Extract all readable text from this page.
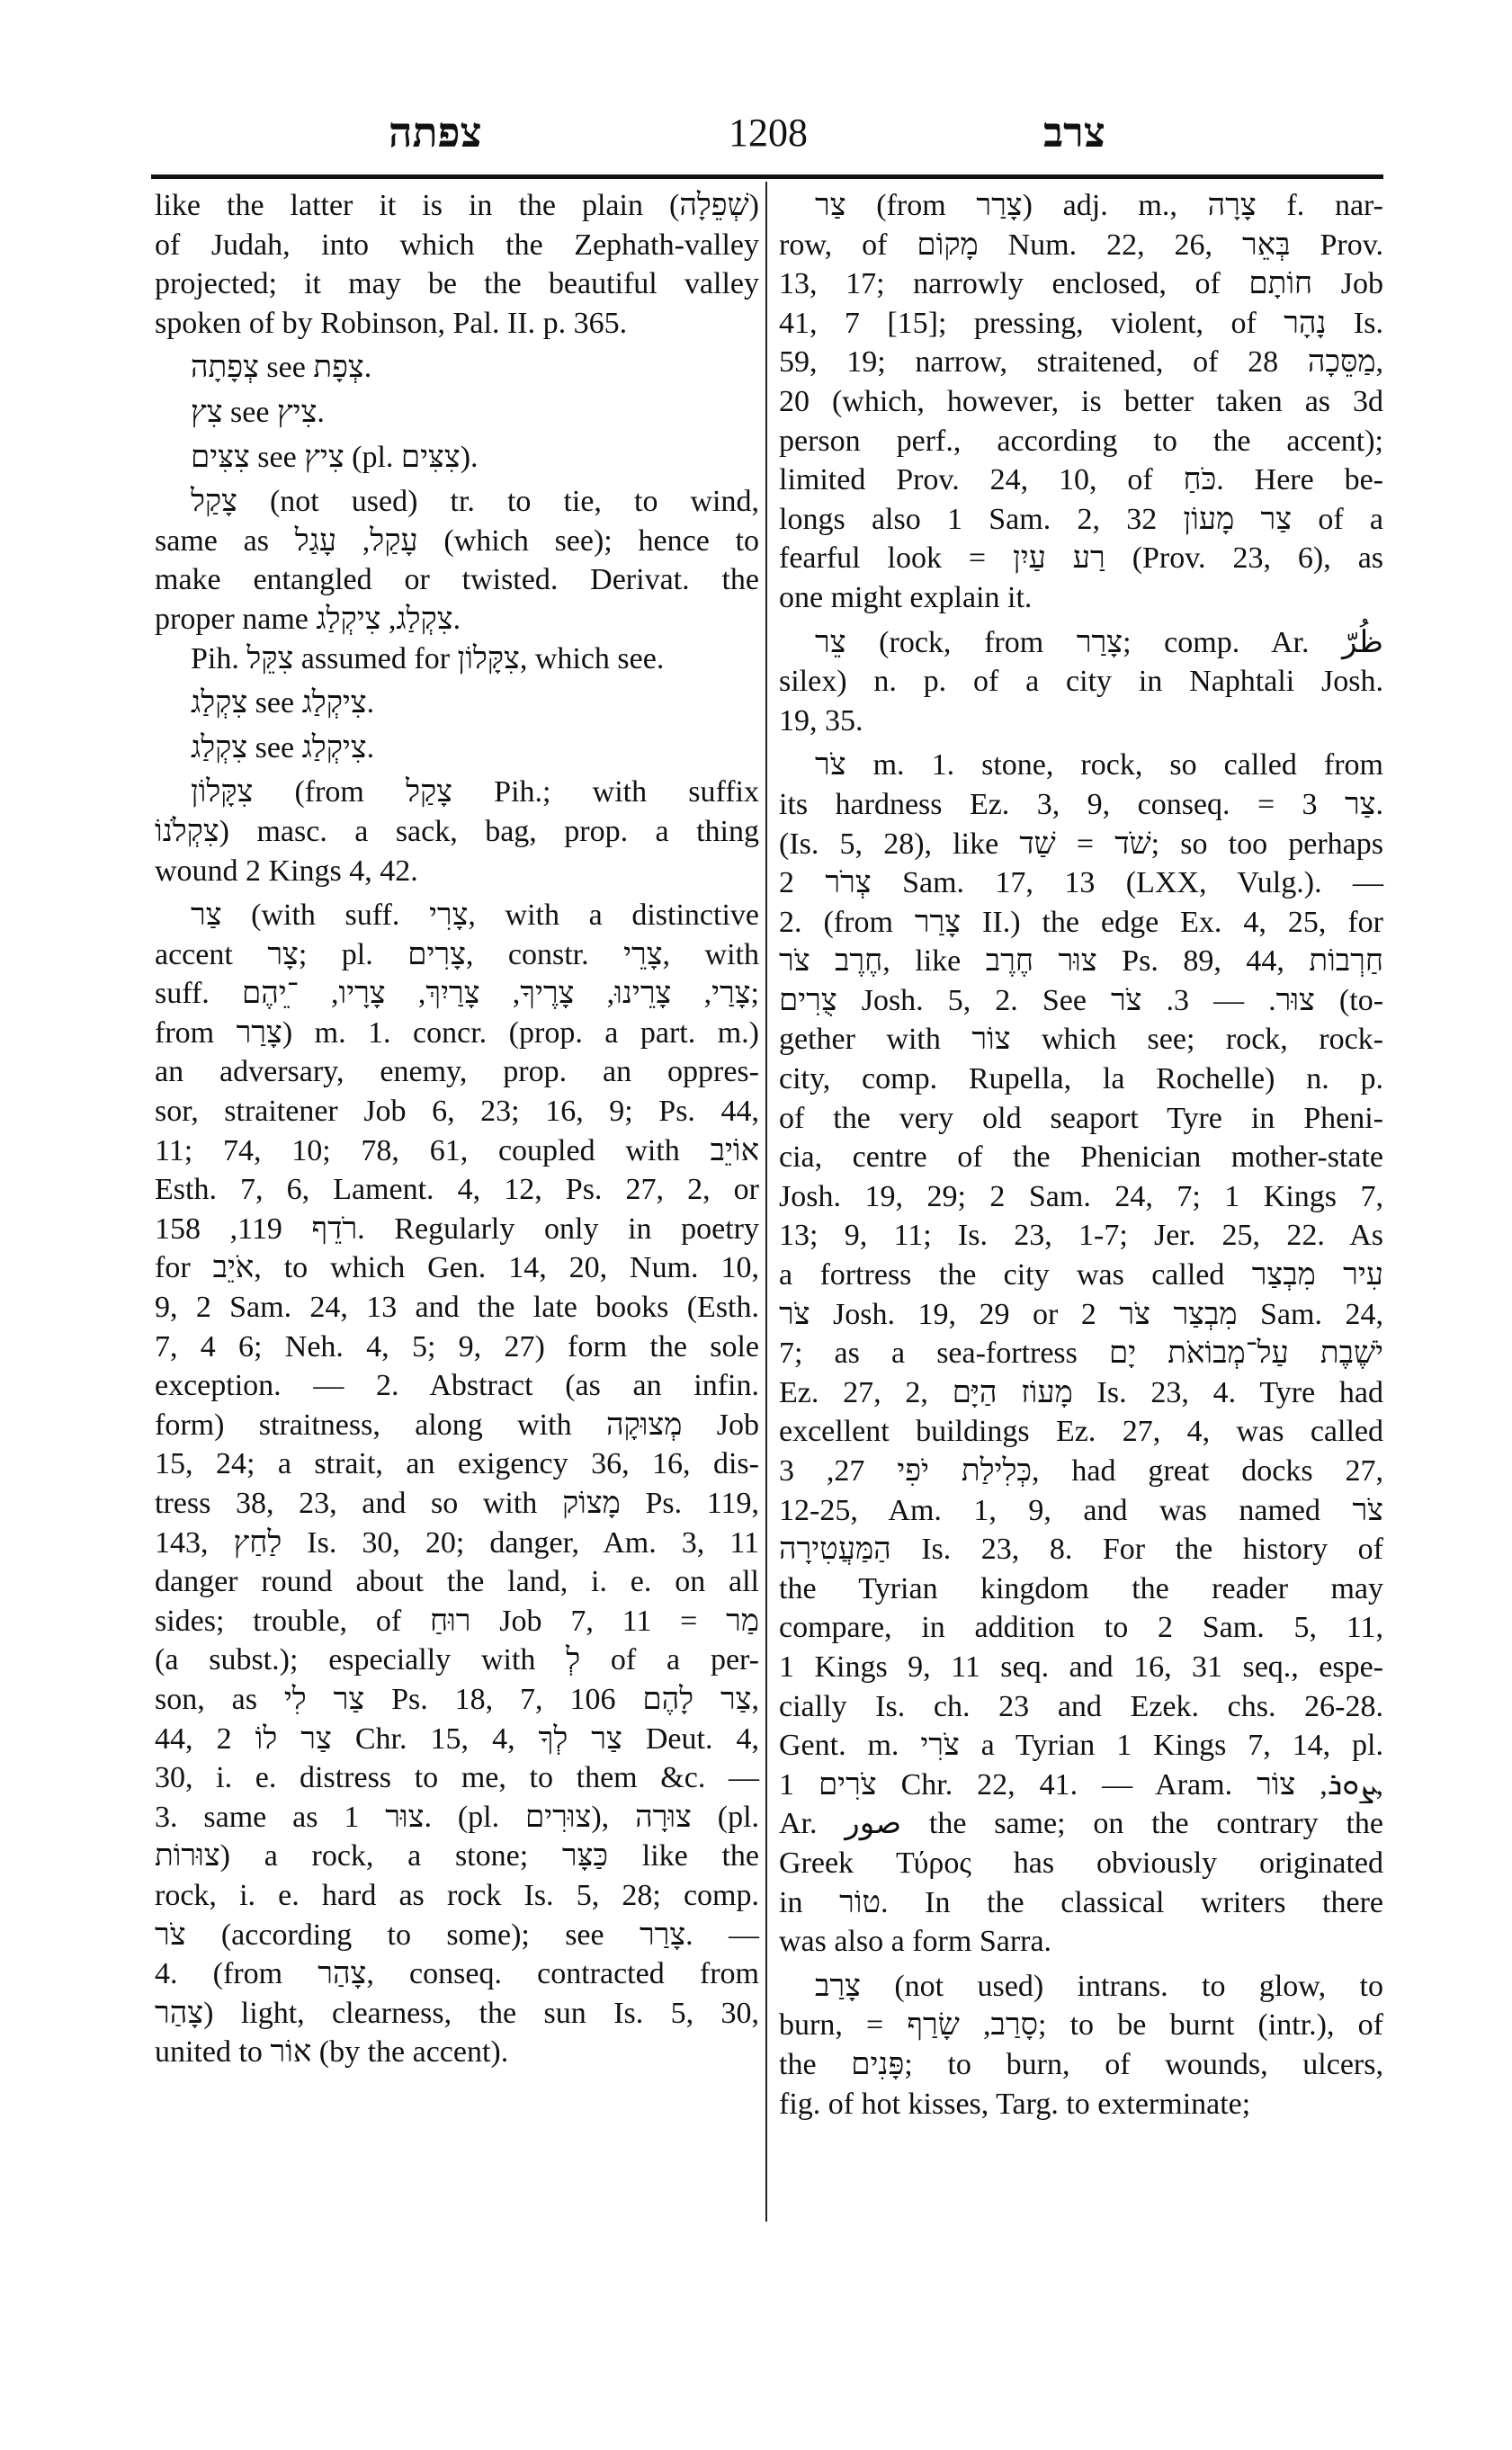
צפתה	1208	צרב
like the latter it is in the plain (שְׁפֵלָה)
of Judah, into which the Zephath-valley
projected; it may be the beautiful valley
spoken of by Robinson, Pal. II. p. 365.
צְפָתָה see צְפָת.
צִץ see צִיץ.
צִצִּים see צִיץ (pl. צִצִּים).
צָקַל (not used) tr. to tie, to wind,
same as עָקַל, עָגַל (which see); hence to
make entangled or twisted. Derivat. the
proper name צִקְלַג, צִיקְלַג.
Pih. צִקֵּל assumed for צִקָּלוֹן, which see.
צִקְלַג see צִיקְלַג.
צִקְלַג see צִיקְלַג.
צִקָּלוֹן (from צָקַל Pih.; with suffix
צִקְלֹנוֹ) masc. a sack, bag, prop. a thing
wound 2 Kings 4, 42.
צַר (with suff. צָרִי, with a distinctive
accent צָר; pl. צָרִים, constr. צָרֵי, with
suff. צָרַי, צָרֵינוּ, צָרֶיךָ, צָרַיִךְ, צָרָיו, ־ֵיהֶם;
from צָרַר) m. 1. concr. (prop. a part. m.)
an adversary, enemy, prop. an oppres-
sor, straitener Job 6, 23; 16, 9; Ps. 44,
11; 74, 10; 78, 61, coupled with אוֹיֵב
Esth. 7, 6, Lament. 4, 12, Ps. 27, 2, or
רֹדֵף 119, 158. Regularly only in poetry
for אֹיֵב, to which Gen. 14, 20, Num. 10,
9, 2 Sam. 24, 13 and the late books (Esth.
7, 4 6; Neh. 4, 5; 9, 27) form the sole
exception. — 2. Abstract (as an infin.
form) straitness, along with מְצוּקָה Job
15, 24; a strait, an exigency 36, 16, dis-
tress 38, 23, and so with מָצוֹק Ps. 119,
143, לַחַץ Is. 30, 20; danger, Am. 3, 11
danger round about the land, i. e. on all
sides; trouble, of רוּחַ Job 7, 11 = מַר
(a subst.); especially with לְ of a per-
son, as צַר לִי Ps. 18, 7, צַר לָהֶם 106,
44, צַר לוֹ 2 Chr. 15, 4, צַר לְךָ Deut. 4,
30, i. e. distress to me, to them &c. —
3. same as צוּר 1. (pl. צוּרִים), צוּרָה (pl.
צוּרוֹת) a rock, a stone; כַּצָּר like the
rock, i. e. hard as rock Is. 5, 28; comp.
צֹר (according to some); see צָרַר. —
4. (from צָהַר, conseq. contracted from
צָהַר) light, clearness, the sun Is. 5, 30,
united to אוֹר (by the accent).
צַר (from צָרַר) adj. m., צָרָה f. nar-
row, of מָקוֹם Num. 22, 26, בְּאֵר Prov.
13, 17; narrowly enclosed, of חוֹתָם Job
41, 7 [15]; pressing, violent, of נָהָר Is.
59, 19; narrow, straitened, of מַסֵּכָה 28,
20 (which, however, is better taken as 3d
person perf., according to the accent);
limited Prov. 24, 10, of כֹּחַ. Here be-
longs also 1 Sam. 2, 32 צַר מָעוֹן of a
fearful look = רַע עַיִן (Prov. 23, 6), as
one might explain it.
צֵר (rock, from צָרַר; comp. Ar. ظُرّ
silex) n. p. of a city in Naphtali Josh.
19, 35.
צֹר m. 1. stone, rock, so called from
its hardness Ez. 3, 9, conseq. = צַר 3.
(Is. 5, 28), like שֹׁד = שַׁד; so too perhaps
צְרֹר 2 Sam. 17, 13 (LXX, Vulg.). —
2. (from צָרַר II.) the edge Ex. 4, 25, for
חֶרֶב צֹר, like צוּר חֶרֶב Ps. 89, 44, חַרְבוֹת
צֻרִים Josh. 5, 2. See צוּר. — 3. צֹר (to-
gether with צוֹר which see; rock, rock-
city, comp. Rupella, la Rochelle) n. p.
of the very old seaport Tyre in Pheni-
cia, centre of the Phenician mother-state
Josh. 19, 29; 2 Sam. 24, 7; 1 Kings 7,
13; 9, 11; Is. 23, 1-7; Jer. 25, 22. As
a fortress the city was called עִיר מִבְצַר
צֹר Josh. 19, 29 or מִבְצַר צֹר 2 Sam. 24,
7; as a sea-fortress יֹשֶׁבֶת עַל־מְבוֹאֹת יָם
Ez. 27, 2, מָעוֹז הַיָּם Is. 23, 4. Tyre had
excellent buildings Ez. 27, 4, was called
כְּלִילַת יֹפִי 27, 3, had great docks 27,
12-25, Am. 1, 9, and was named צֹר
הַמַּעֲטִירָה Is. 23, 8. For the history of
the Tyrian kingdom the reader may
compare, in addition to 2 Sam. 5, 11,
1 Kings 9, 11 seq. and 16, 31 seq., espe-
cially Is. ch. 23 and Ezek. chs. 26-28.
Gent. m. צֹרִי a Tyrian 1 Kings 7, 14, pl.
צֹרִים 1 Chr. 22, 41. — Aram. ܨܘܪ, צוֹר,
Ar. صور the same; on the contrary the
Greek Τύρος has obviously originated
in טוֹר. In the classical writers there
was also a form Sarra.
צָרַב (not used) intrans. to glow, to
burn, = סָרַב, שָׂרַף; to be burnt (intr.), of
the פָּנִים; to burn, of wounds, ulcers,
fig. of hot kisses, Targ. to exterminate;
